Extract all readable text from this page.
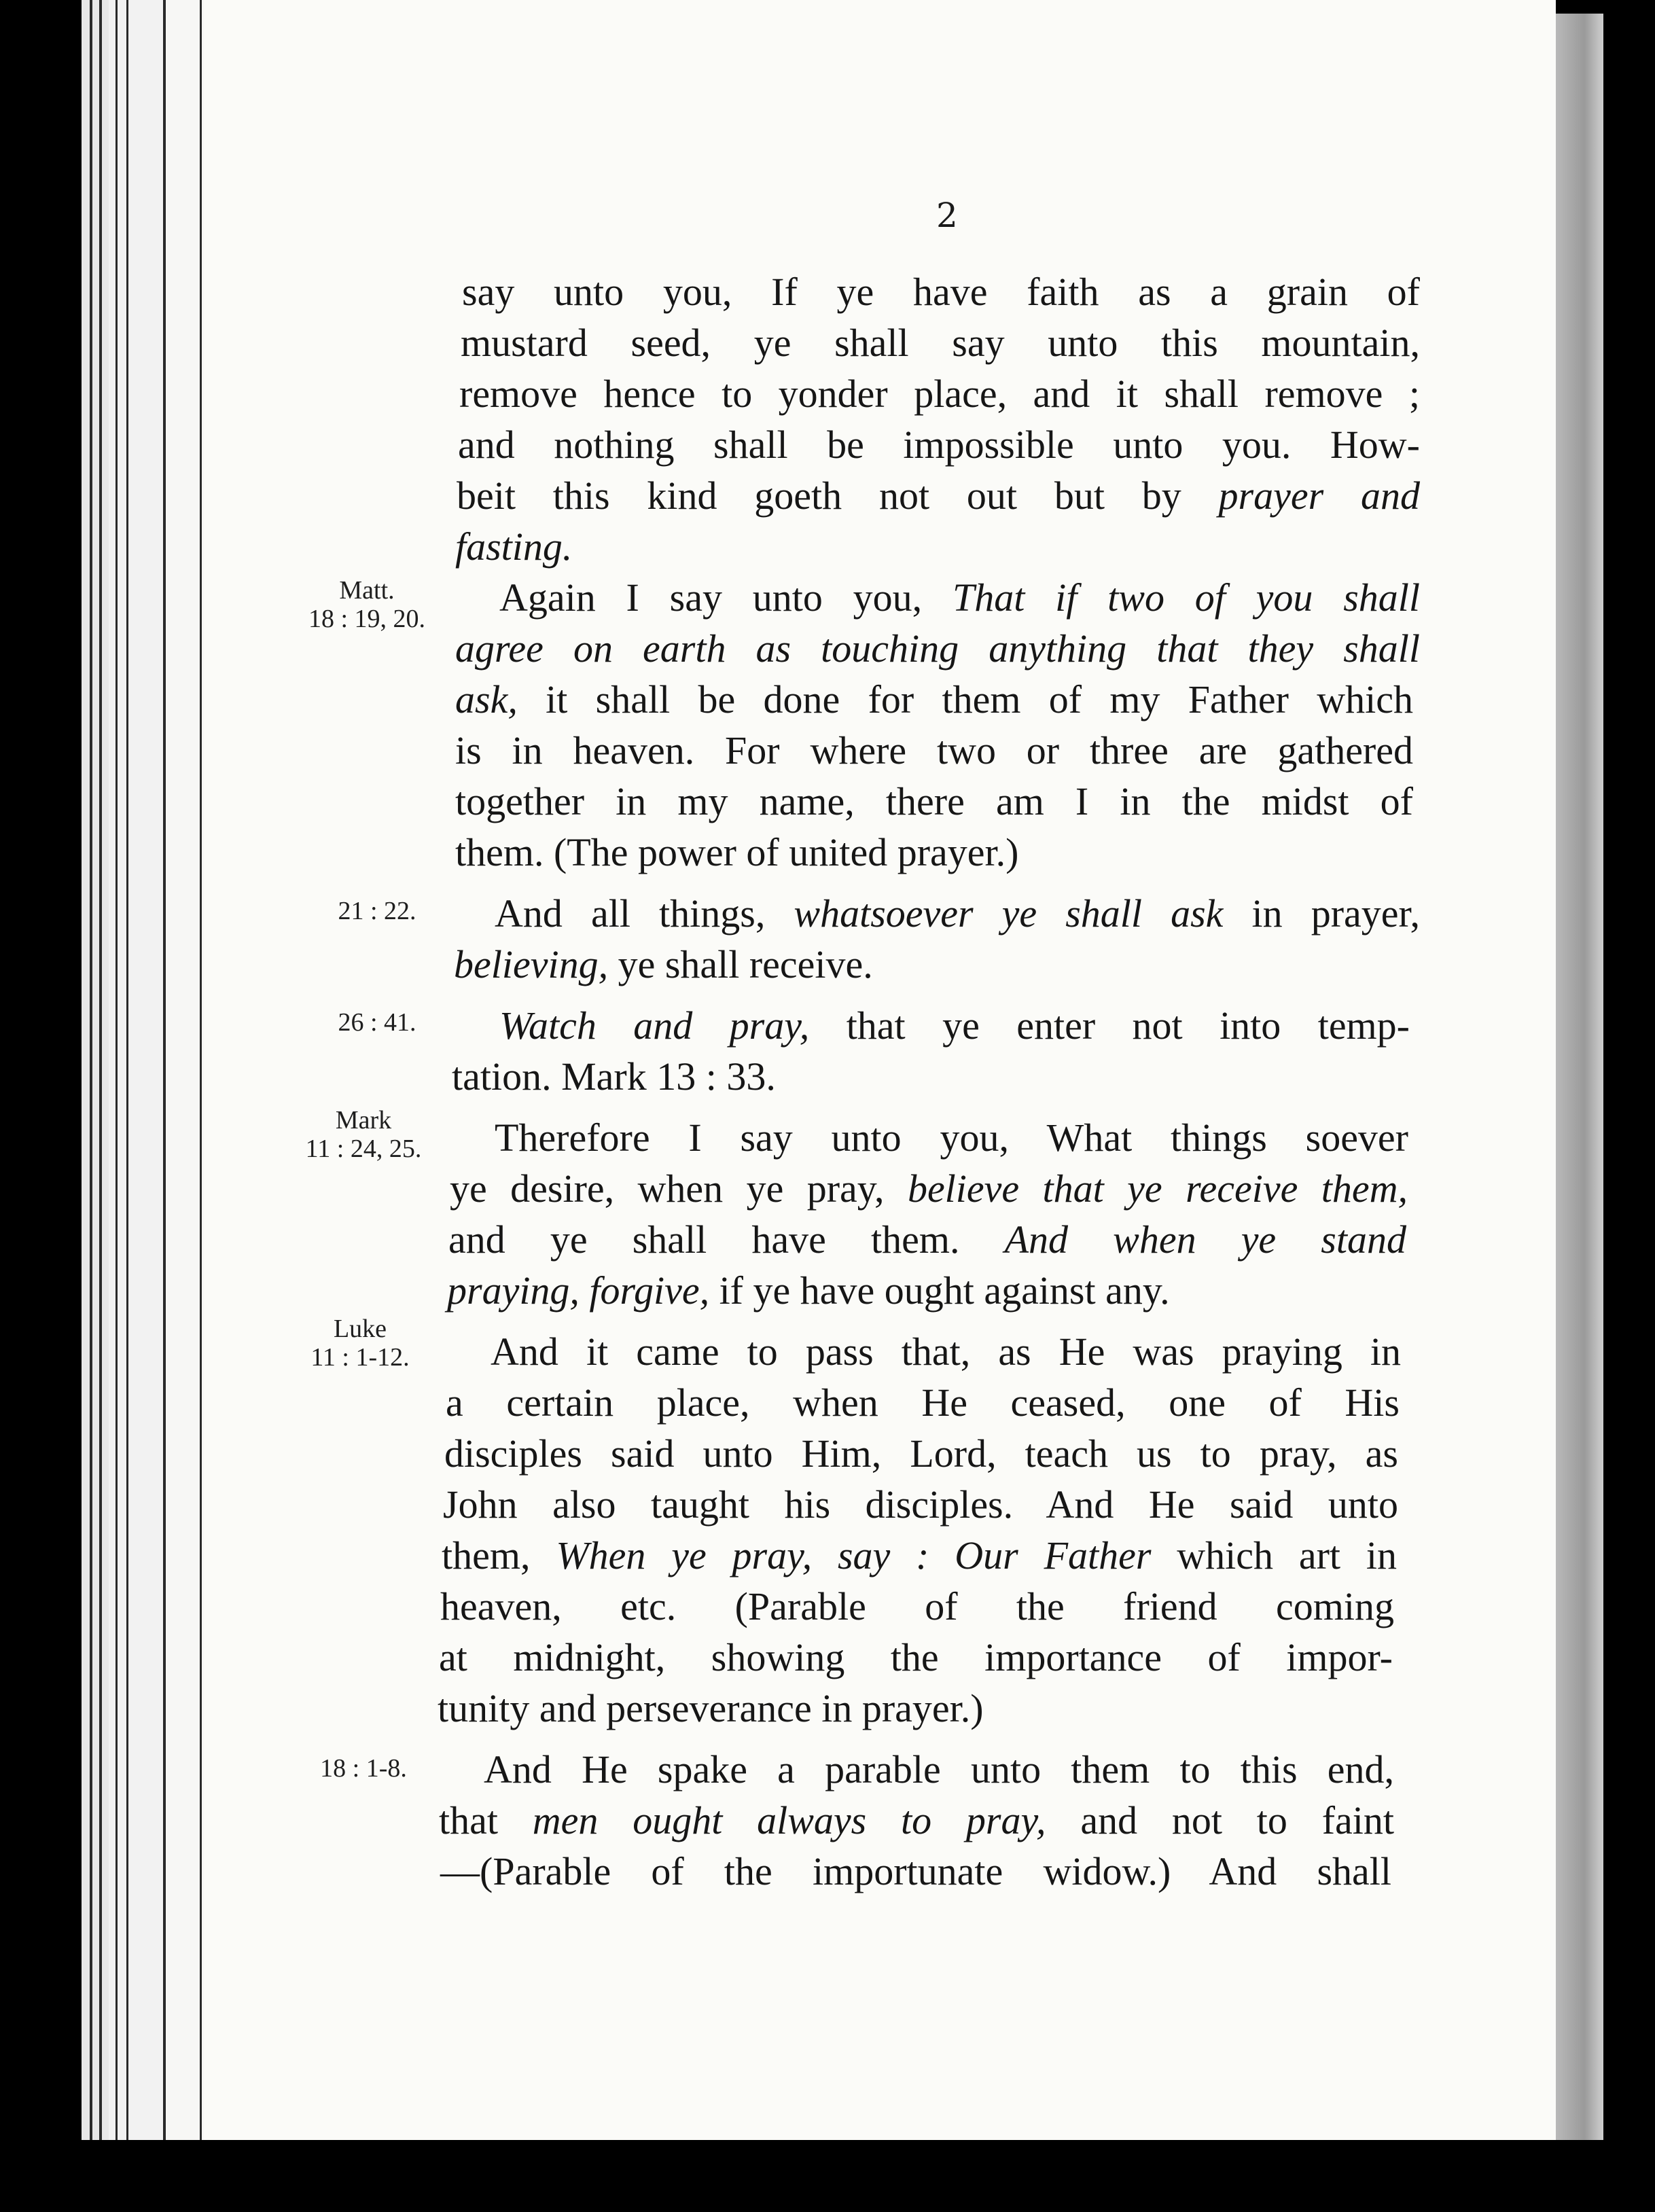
2
say unto you, If ye have faith as a grain of
mustard seed, ye shall say unto this mountain,
remove hence to yonder place, and it shall remove ;
and nothing shall be impossible unto you. How-
beit this kind goeth not out but by prayer and
fasting.
Again I say unto you, That if two of you shall
agree on earth as touching anything that they shall
ask, it shall be done for them of my Father which
is in heaven. For where two or three are gathered
together in my name, there am I in the midst of
them. (The power of united prayer.)
And all things, whatsoever ye shall ask in prayer,
believing, ye shall receive.
Watch and pray, that ye enter not into temp-
tation. Mark 13 : 33.
Therefore I say unto you, What things soever
ye desire, when ye pray, believe that ye receive them,
and ye shall have them. And when ye stand
praying, forgive, if ye have ought against any.
And it came to pass that, as He was praying in
a certain place, when He ceased, one of His
disciples said unto Him, Lord, teach us to pray, as
John also taught his disciples. And He said unto
them, When ye pray, say : Our Father which art in
heaven, etc. (Parable of the friend coming
at midnight, showing the importance of impor-
tunity and perseverance in prayer.)
And He spake a parable unto them to this end,
that men ought always to pray, and not to faint
—(Parable of the importunate widow.) And shall
Matt.
18 : 19, 20.
21 : 22.
26 : 41.
Mark
11 : 24, 25.
Luke
11 : 1-12.
18 : 1-8.
